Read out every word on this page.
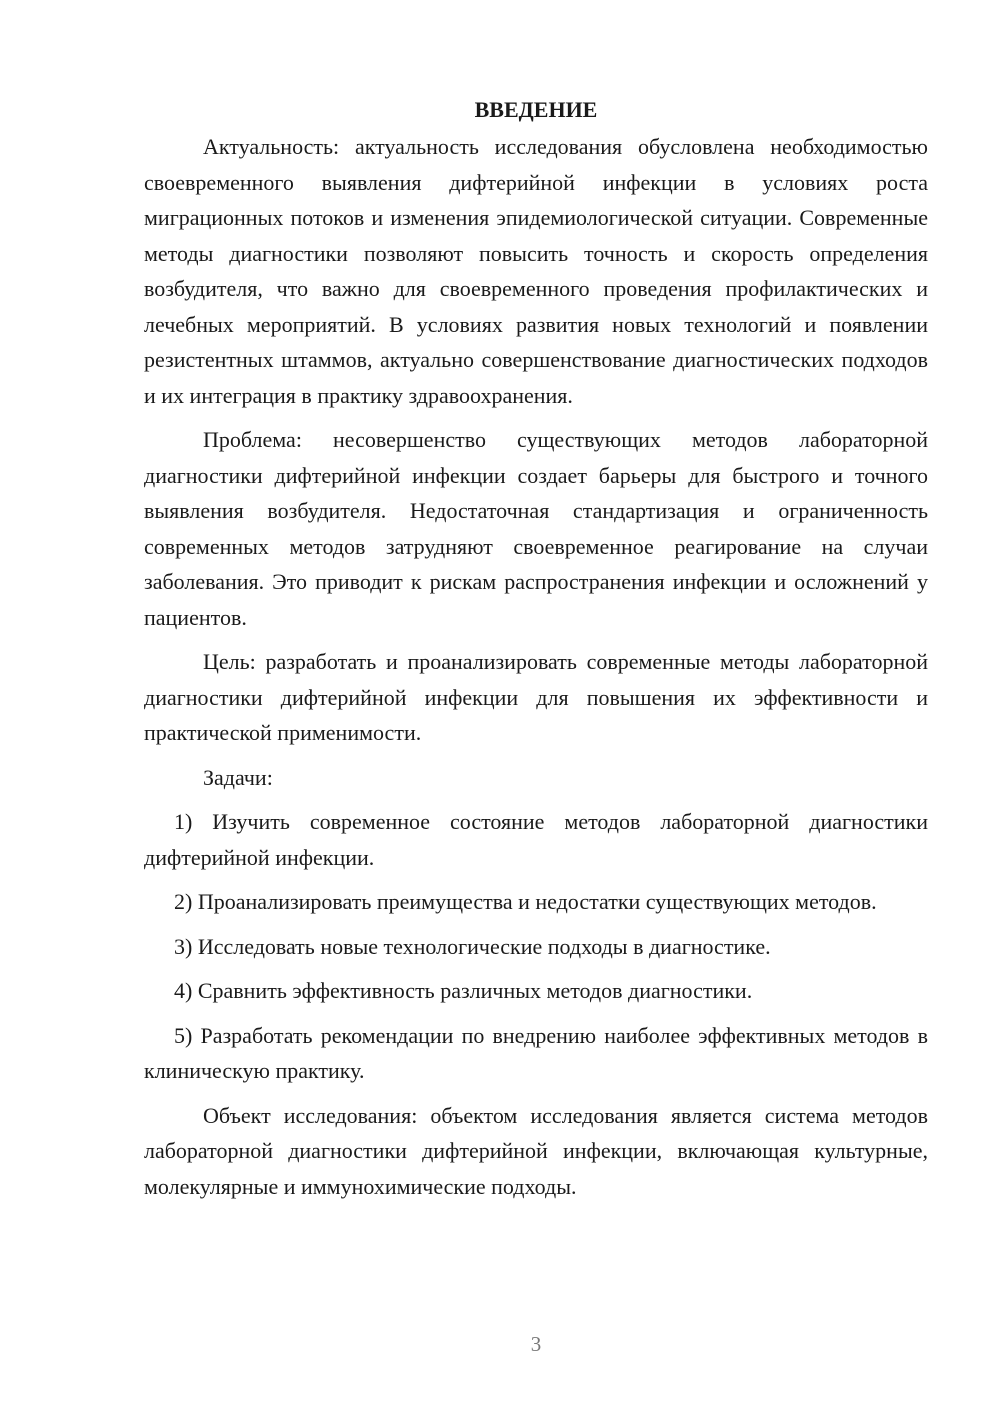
ВВЕДЕНИЕ

Актуальность: актуальность исследования обусловлена необходимостью своевременного выявления дифтерийной инфекции в условиях роста миграционных потоков и изменения эпидемиологической ситуации. Современные методы диагностики позволяют повысить точность и скорость определения возбудителя, что важно для своевременного проведения профилактических и лечебных мероприятий. В условиях развития новых технологий и появлении резистентных штаммов, актуально совершенствование диагностических подходов и их интеграция в практику здравоохранения.

Проблема: несовершенство существующих методов лабораторной диагностики дифтерийной инфекции создает барьеры для быстрого и точного выявления возбудителя. Недостаточная стандартизация и ограниченность современных методов затрудняют своевременное реагирование на случаи заболевания. Это приводит к рискам распространения инфекции и осложнений у пациентов.

Цель: разработать и проанализировать современные методы лабораторной диагностики дифтерийной инфекции для повышения их эффективности и практической применимости.

Задачи:

1) Изучить современное состояние методов лабораторной диагностики дифтерийной инфекции.

2) Проанализировать преимущества и недостатки существующих методов.

3) Исследовать новые технологические подходы в диагностике.

4) Сравнить эффективность различных методов диагностики.

5) Разработать рекомендации по внедрению наиболее эффективных методов в клиническую практику.

Объект исследования: объектом исследования является система методов лабораторной диагностики дифтерийной инфекции, включающая культурные, молекулярные и иммунохимические подходы.

3
